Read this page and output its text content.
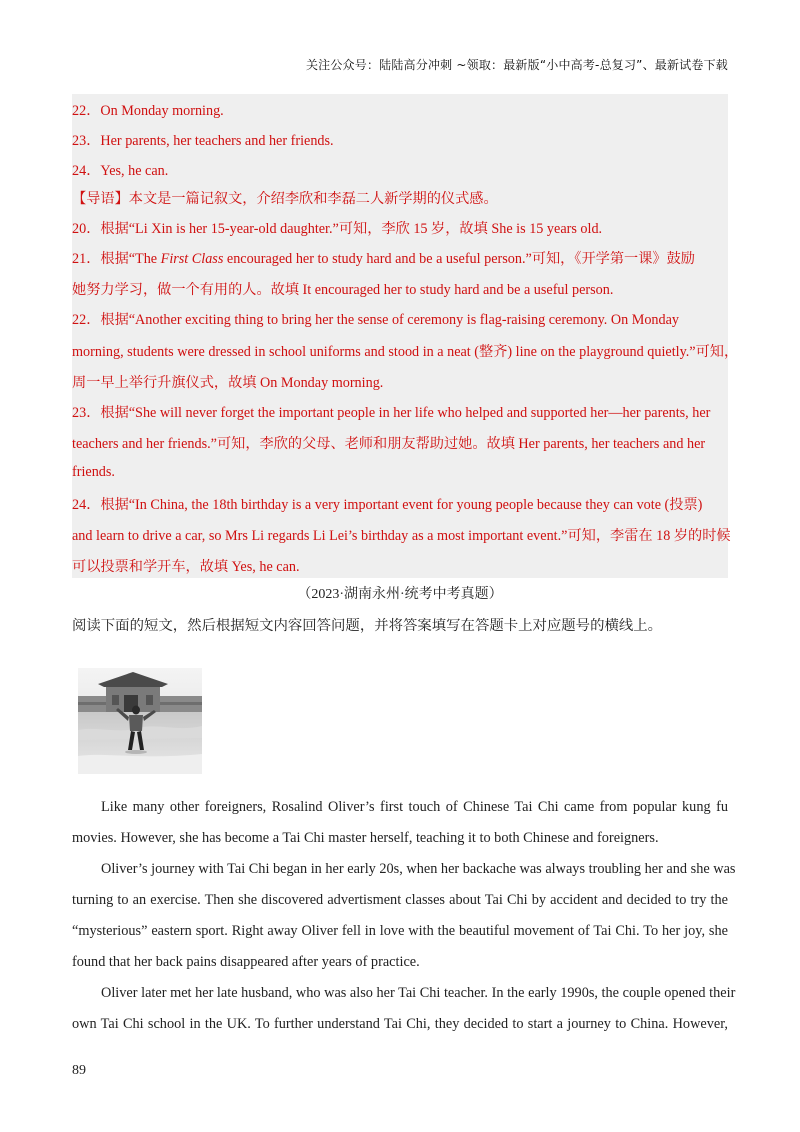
关注公众号：陆陆高分冲刺 ~领取：最新版“小中高考-总复习”、最新试卷下载
22．On Monday morning.
23．Her parents, her teachers and her friends.
24．Yes, he can.
【导语】本文是一篇记叙文，介绍李欣和李磊二人新学期的仪式感。
20．根据“Li Xin is her 15-year-old daughter.”可知，李欣 15 岁，故填 She is 15 years old.
21．根据“The First Class encouraged her to study hard and be a useful person.”可知，《开学第一课》鼓励
她努力学习，做一个有用的人。故填 It encouraged her to study hard and be a useful person.
22．根据“Another exciting thing to bring her the sense of ceremony is flag-raising ceremony. On Monday
morning, students were dressed in school uniforms and stood in a neat (整齐) line on the playground quietly.”可知，
周一早上举行升旗仪式，故填 On Monday morning.
23．根据“She will never forget the important people in her life who helped and supported her—her parents, her
teachers and her friends.”可知，李欣的父母、老师和朋友帮助过她。故填 Her parents, her teachers and her
friends.
24．根据“In China, the 18th birthday is a very important event for young people because they can vote (投票)
and learn to drive a car, so Mrs Li regards Li Lei’s birthday as a most important event.”可知，李雷在 18 岁的时候
可以投票和学开车，故填 Yes, he can.
（2023·湖南永州·统考中考真题）
阅读下面的短文，然后根据短文内容回答问题，并将答案填写在答题卡上对应题号的横线上。
Like many other foreigners, Rosalind Oliver’s first touch of Chinese Tai Chi came from popular kung fu
movies. However, she has become a Tai Chi master herself, teaching it to both Chinese and foreigners.
Oliver’s journey with Tai Chi began in her early 20s, when her backache was always troubling her and she was
turning to an exercise. Then she discovered advertisment classes about Tai Chi by accident and decided to try the
“mysterious” eastern sport. Right away Oliver fell in love with the beautiful movement of Tai Chi. To her joy, she
found that her back pains disappeared after years of practice.
Oliver later met her late husband, who was also her Tai Chi teacher. In the early 1990s, the couple opened their
own Tai Chi school in the UK. To further understand Tai Chi, they decided to start a journey to China. However,
89
